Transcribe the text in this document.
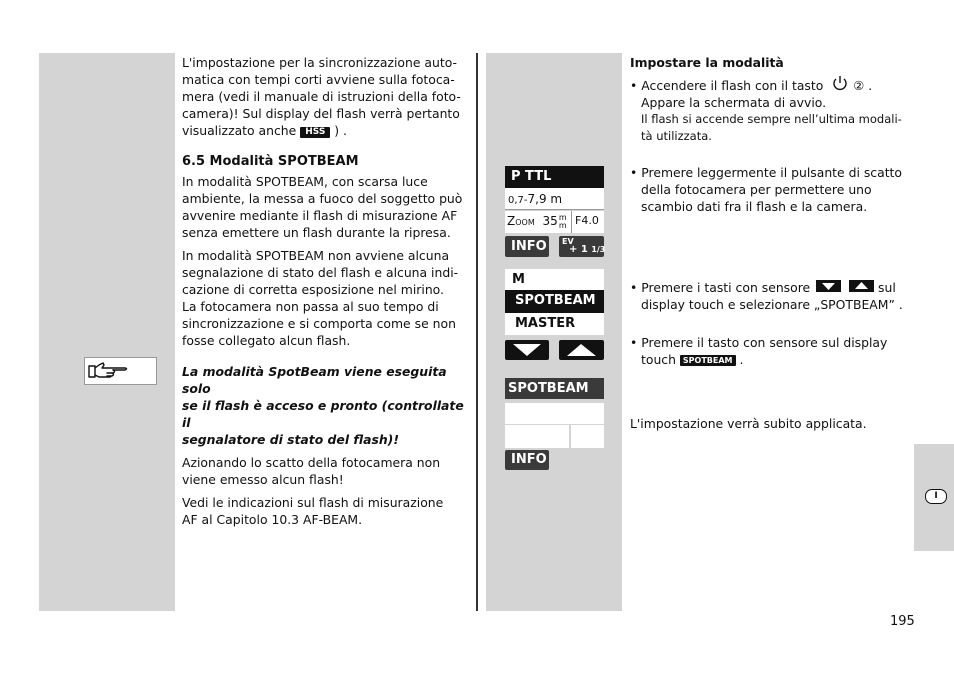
L'impostazione per la sincronizzazione auto-
matica con tempi corti avviene sulla fotoca-
mera (vedi il manuale di istruzioni della foto-
camera)! Sul display del flash verrà pertanto
visualizzato anche HSS ) .

6.5 Modalità SPOTBEAM

In modalità SPOTBEAM, con scarsa luce
ambiente, la messa a fuoco del soggetto può
avvenire mediante il flash di misurazione AF
senza emettere un flash durante la ripresa.

In modalità SPOTBEAM non avviene alcuna
segnalazione di stato del flash e alcuna indi-
cazione di corretta esposizione nel mirino.
La fotocamera non passa al suo tempo di
sincronizzazione e si comporta come se non
fosse collegato alcun flash.

La modalità SpotBeam viene eseguita solo
se il flash è acceso e pronto (controllate il
segnalatore di stato del flash)!

Azionando lo scatto della fotocamera non
viene emesso alcun flash!

Vedi le indicazioni sul flash di misurazione
AF al Capitolo 10.3 AF-BEAM.

P TTL
0,7-7,9 m
Zoom 35 m
m F4.0
INFO EV
+ 1 1/3
M
SPOTBEAM
MASTER
SPOTBEAM
INFO
Impostare la modalità
• Accendere il flash con il tasto ② .
Appare la schermata di avvio.
Il flash si accende sempre nell’ultima modali-
tà utilizzata.
• Premere leggermente il pulsante di scatto
della fotocamera per permettere uno
scambio dati fra il flash e la camera.
• Premere i tasti con sensore
	sul
display touch e selezionare „SPOTBEAM” .
• Premere il tasto con sensore sul display
touch SPOTBEAM .
L'impostazione verrà subito applicata.
I
195
